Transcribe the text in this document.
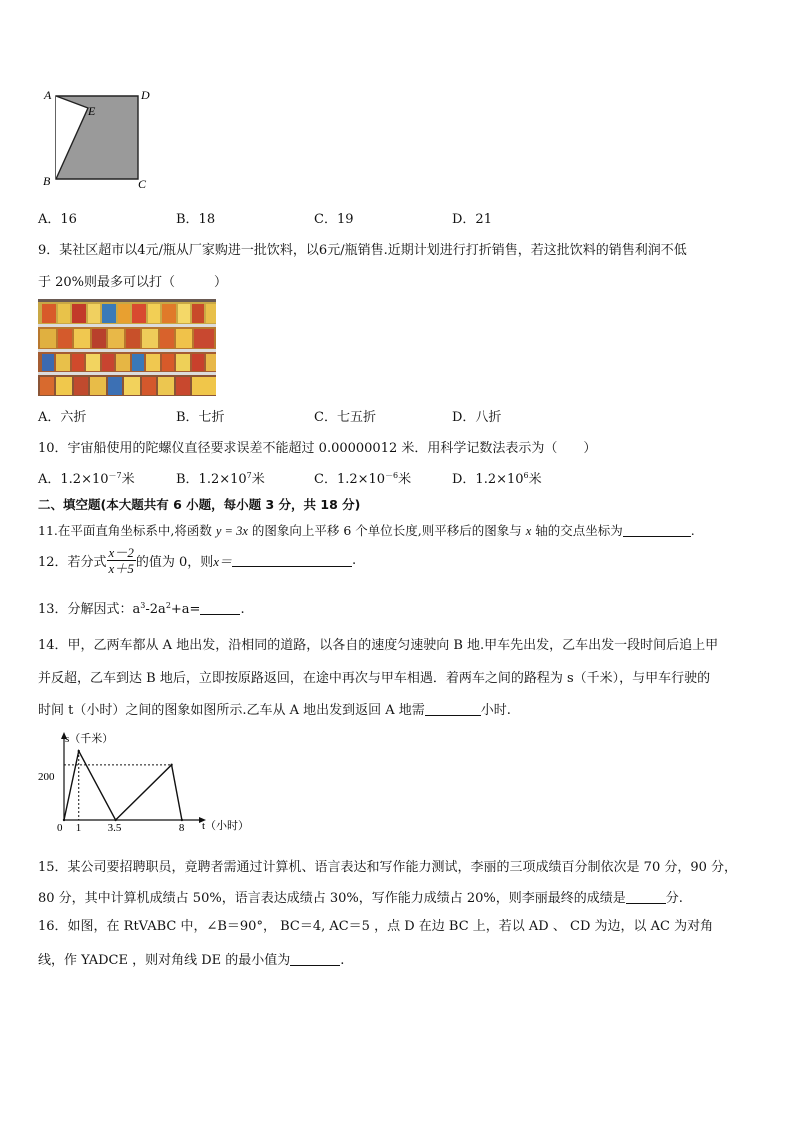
A	D
E
B	C
A．16	B．18	C．19	D．21
9．某社区超市以4元/瓶从厂家购进一批饮料，以6元/瓶销售.近期计划进行打折销售，若这批饮料的销售利润不低
于 20%则最多可以打（　　　）
A．六折	B．七折	C．七五折	D．八折
10．宇宙船使用的陀螺仪直径要求误差不能超过 0.00000012 米．用科学记数法表示为（　　）
A．$1.2\times 10^{-7}$米	B．$1.2\times 10^7$米	C．$1.2\times 10^{-6}$米	D．$1.2\times 10^6$米
二、填空题(本大题共有 6 小题，每小题 3 分，共 18 分)
11.在平面直角坐标系中,将函数 y = 3x 的图象向上平移 6 个单位长度,则平移后的图象与 x 轴的交点坐标为	.
12．若分式 $\frac{x-2}{x+5}$ 的值为 0，则x＝	.
13．分解因式：$a^3-2a^2+a=$	.
14．甲，乙两车都从 A 地出发，沿相同的道路，以各自的速度匀速驶向 B 地.甲车先出发，乙车出发一段时间后追上甲
并反超，乙车到达 B 地后，立即按原路返回，在途中再次与甲车相遇．着两车之间的路程为 s（千米），与甲车行驶的
时间 t（小时）之间的图象如图所示.乙车从 A 地出发到返回 A 地需	小时.
s（千米）
t（小时）
200
0 1 3.5	8
15．某公司要招聘职员，竟聘者需通过计算机、语言表达和写作能力测试，李丽的三项成绩百分制依次是 70 分，90 分，
80 分，其中计算机成绩占 50%，语言表达成绩占 30%，写作能力成绩占 20%，则李丽最终的成绩是	分.
16．如图，在 RtVABC 中，∠B＝90°， BC＝4, AC＝5 ，点 D 在边 BC 上，若以 AD 、 CD 为边，以 AC 为对角
线，作 YADCE ，则对角线 DE 的最小值为	.
